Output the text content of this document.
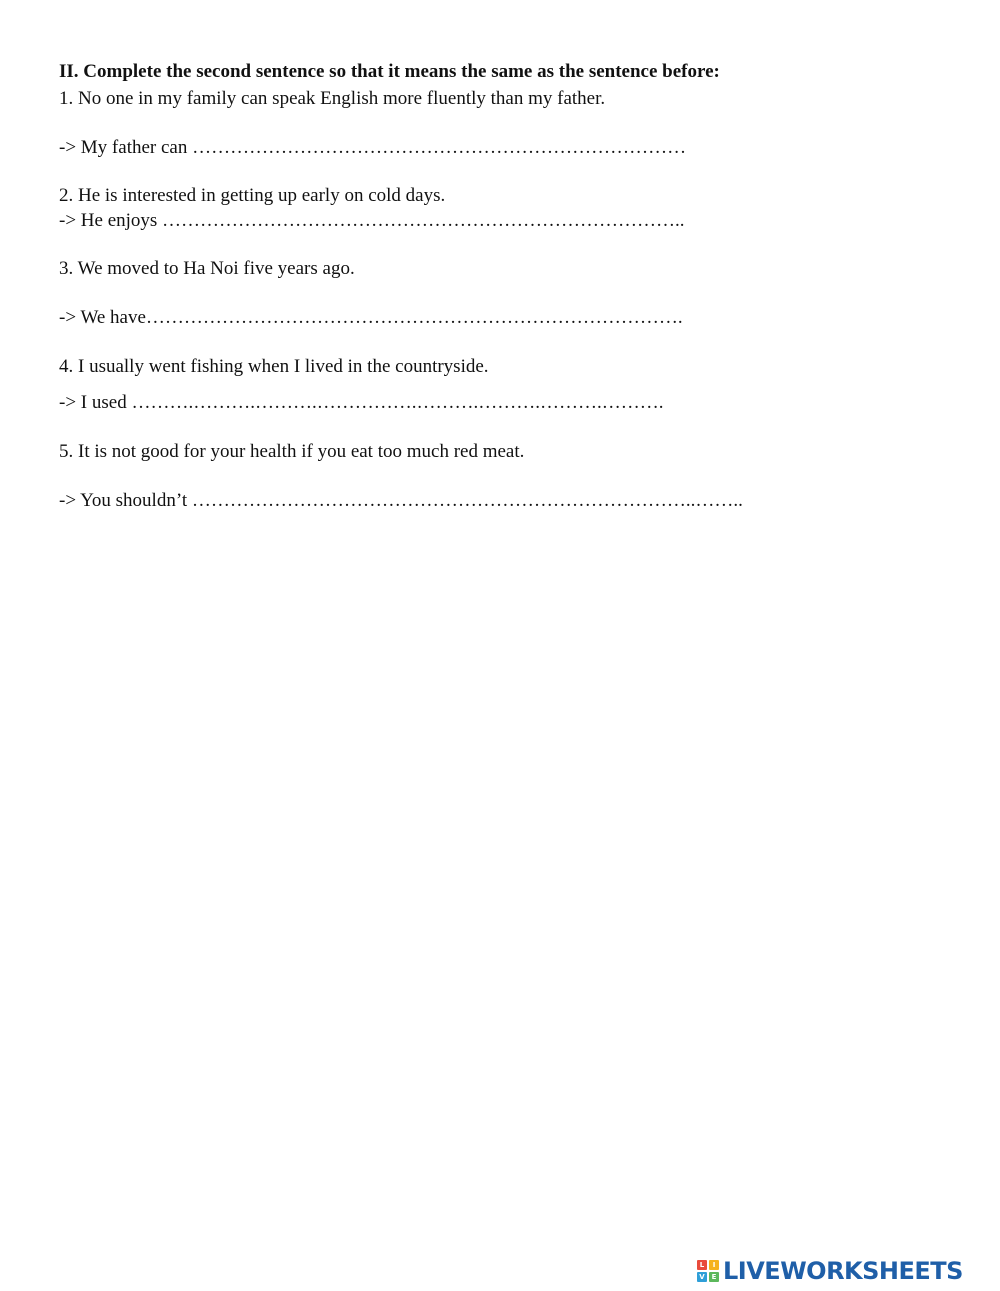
II. Complete the second sentence so that it means the same as the sentence before:
1. No one in my family can speak English more fluently than my father.
-> My father can ……………………………………………………………………
2. He is interested in getting up early on cold days.
-> He enjoys ………………………………………………………………………..
3. We moved to Ha Noi five years ago.
-> We have………………………………………………………………………….
4. I usually went fishing when I lived in the countryside.
-> I used ……….……….……….…………….……….……….……….……….
5. It is not good for your health if you eat too much red meat.
-> You shouldn’t ……………………………………………………………………..……..
L	I
V E LIVEWORKSHEETS
